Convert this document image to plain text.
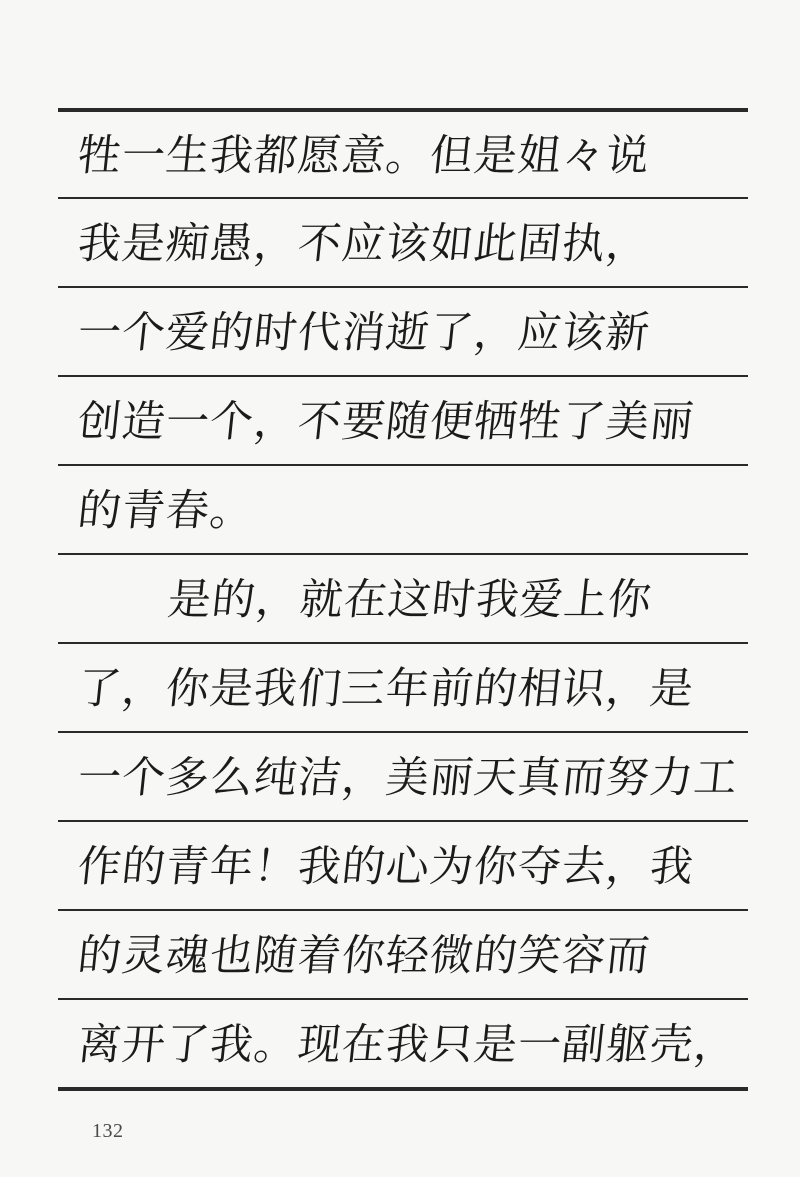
牲一生我都愿意。但是姐々说
我是痴愚，不应该如此固执，
一个爱的时代消逝了，应该新
创造一个，不要随便牺牲了美丽
的青春。
是的，就在这时我爱上你
了，你是我们三年前的相识，是
一个多么纯洁，美丽天真而努力工
作的青年！我的心为你夺去，我
的灵魂也随着你轻微的笑容而
离开了我。现在我只是一副躯壳，
132
